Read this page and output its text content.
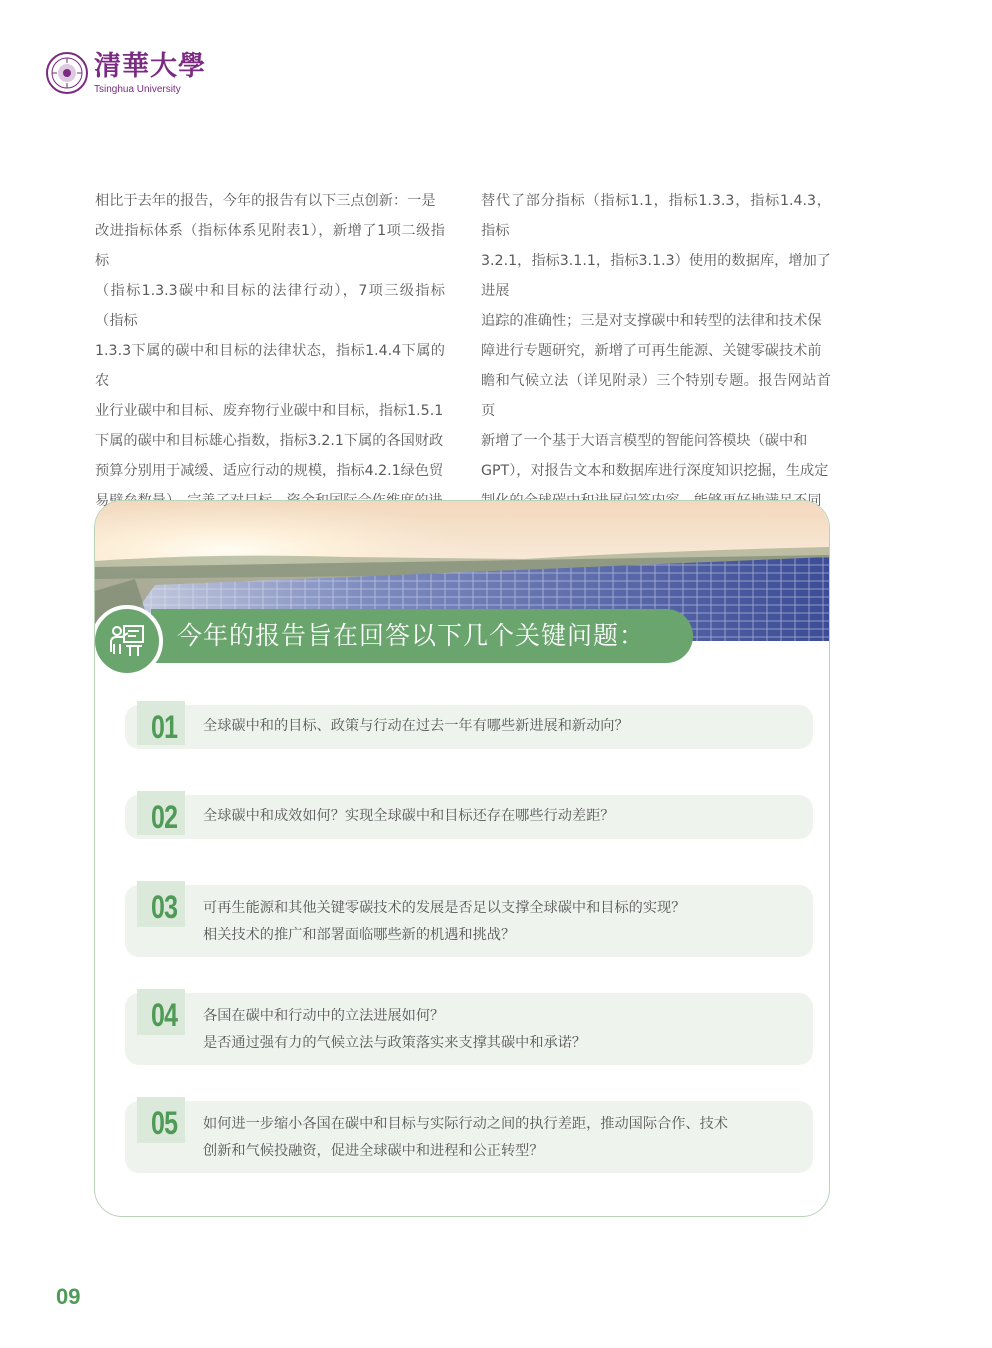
清華大學
Tsinghua University
相比于去年的报告，今年的报告有以下三点创新：一是
改进指标体系（指标体系见附表1），新增了1项二级指标
（指标1.3.3碳中和目标的法律行动），7项三级指标（指标
1.3.3下属的碳中和目标的法律状态，指标1.4.4下属的农
业行业碳中和目标、废弃物行业碳中和目标，指标1.5.1
下属的碳中和目标雄心指数，指标3.2.1下属的各国财政
预算分别用于减缓、适应行动的规模，指标4.2.1绿色贸
替代了部分指标（指标1.1，指标1.3.3，指标1.4.3，指标
3.2.1，指标3.1.1，指标3.1.3）使用的数据库，增加了进展
追踪的准确性；三是对支撑碳中和转型的法律和技术保
障进行专题研究，新增了可再生能源、关键零碳技术前
瞻和气候立法（详见附录）三个特别专题。报告网站首页
新增了一个基于大语言模型的智能问答模块（碳中和
GPT），对报告文本和数据库进行深度知识挖掘，生成定
今年的报告旨在回答以下几个关键问题：
01 全球碳中和的目标、政策与行动在过去一年有哪些新进展和新动向？
02 全球碳中和成效如何？实现全球碳中和目标还存在哪些行动差距？
03 可再生能源和其他关键零碳技术的发展是否足以支撑全球碳中和目标的实现？
相关技术的推广和部署面临哪些新的机遇和挑战？
04 各国在碳中和行动中的立法进展如何？
是否通过强有力的气候立法与政策落实来支撑其碳中和承诺？
05 如何进一步缩小各国在碳中和目标与实际行动之间的执行差距，推动国际合作、技术
创新和气候投融资，促进全球碳中和进程和公正转型？
09
